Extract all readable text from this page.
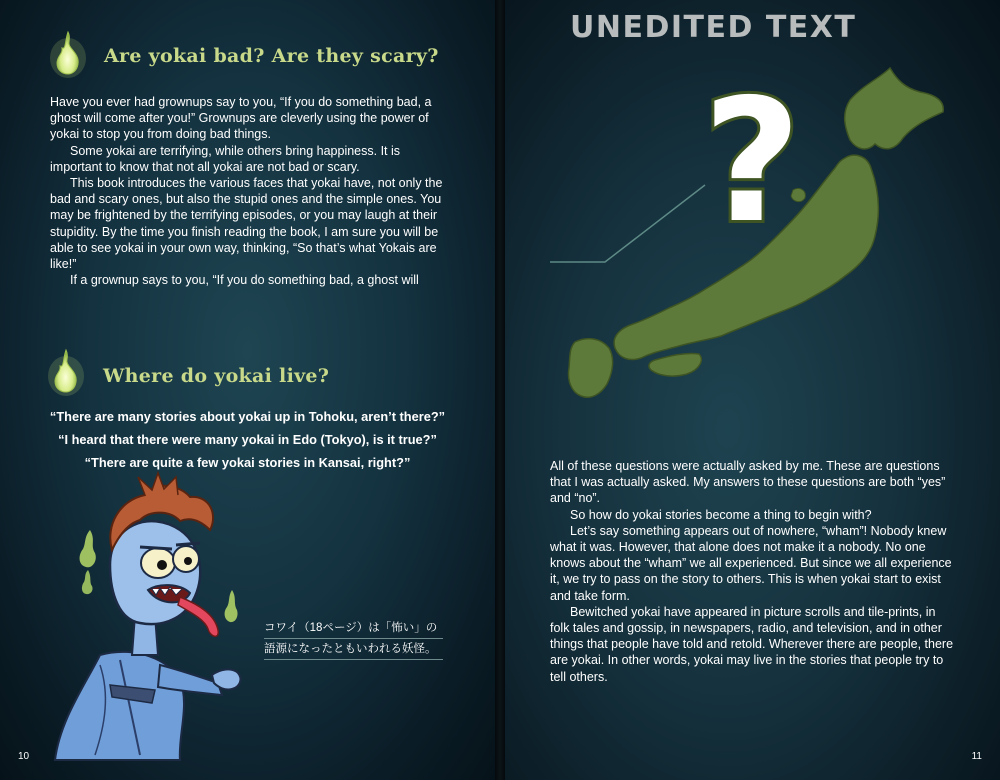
Are yokai bad? Are they scary?

Have you ever had grownups say to you, “If you do something bad, a ghost will come after you!” Grownups are cleverly using the power of yokai to stop you from doing bad things.

Some yokai are terrifying, while others bring happiness. It is important to know that not all yokai are not bad or scary.

This book introduces the various faces that yokai have, not only the bad and scary ones, but also the stupid ones and the simple ones. You may be frightened by the terrifying episodes, or you may laugh at their stupidity. By the time you finish reading the book, I am sure you will be able to see yokai in your own way, thinking, “So that’s what Yokais are like!”

If a grownup says to you, “If you do something bad, a ghost will

Where do yokai live?
“There are many stories about yokai up in Tohoku, aren’t there?”
“I heard that there were many yokai in Edo (Tokyo), is it true?”
“There are quite a few yokai stories in Kansai, right?”
コワイ（18ページ）は「怖い」の
語源になったともいわれる妖怪。
10

All of these questions were actually asked by me. These are questions that I was actually asked. My answers to these questions are both “yes” and “no”.

So how do yokai stories become a thing to begin with?

Let’s say something appears out of nowhere, “wham”! Nobody knew what it was. However, that alone does not make it a nobody. No one knows about the “wham” we all experienced. But since we all experience it, we try to pass on the story to others. This is when yokai start to exist and take form.

Bewitched yokai have appeared in picture scrolls and tile-prints, in folk tales and gossip, in newspapers, radio, and television, and in other things that people have told and retold. Wherever there are people, there are yokai. In other words, yokai may live in the stories that people try to tell others.

11
UNEDITED TEXT
?
